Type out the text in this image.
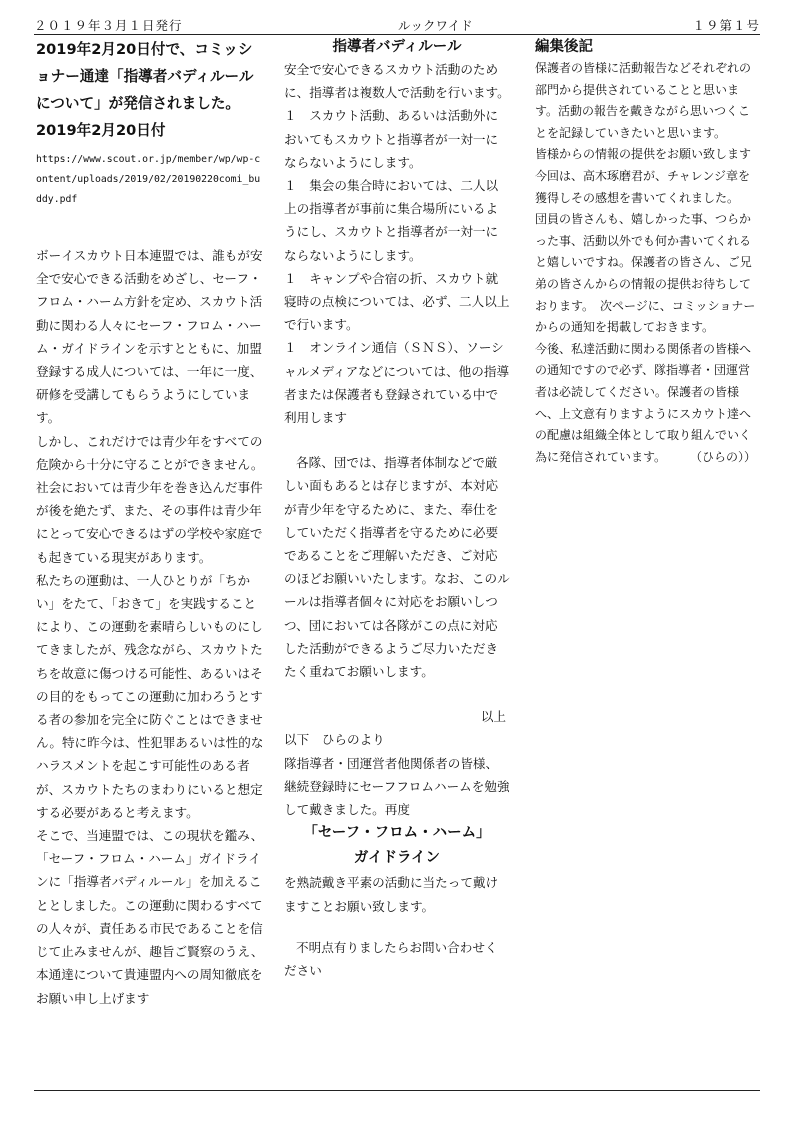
２０１９年３月１日発行	ルックワイド	１９第１号

2019年2月20日付で、コミッショナー通達「指導者バディルールについて」が発信されました。2019年2月20日付

https://www.scout.or.jp/member/wp/wp-content/uploads/2019/02/20190220comi_buddy.pdf

ボーイスカウト日本連盟では、誰もが安全で安心できる活動をめざし、セーフ・フロム・ハーム方針を定め、スカウト活動に関わる人々にセーフ・フロム・ハーム・ガイドラインを示すとともに、加盟登録する成人については、一年に一度、研修を受講してもらうようにしています。

しかし、これだけでは青少年をすべての危険から十分に守ることができません。社会においては青少年を巻き込んだ事件が後を絶たず、また、その事件は青少年にとって安心できるはずの学校や家庭でも起きている現実があります。

私たちの運動は、一人ひとりが「ちかい」をたて、「おきて」を実践することにより、この運動を素晴らしいものにしてきましたが、残念ながら、スカウトたちを故意に傷つける可能性、あるいはその目的をもってこの運動に加わろうとする者の参加を完全に防ぐことはできません。特に昨今は、性犯罪あるいは性的なハラスメントを起こす可能性のある者が、スカウトたちのまわりにいると想定する必要があると考えます。

そこで、当連盟では、この現状を鑑み、「セーフ・フロム・ハーム」ガイドラインに「指導者バディルール」を加えることとしました。この運動に関わるすべての人々が、責任ある市民であることを信じて止みませんが、趣旨ご賢察のうえ、本通達について貴連盟内への周知徹底をお願い申し上げます

指導者バディルール

安全で安心できるスカウト活動のために、指導者は複数人で活動を行います。

１　スカウト活動、あるいは活動外においてもスカウトと指導者が一対一にならないようにします。

１　集会の集合時においては、二人以上の指導者が事前に集合場所にいるようにし、スカウトと指導者が一対一にならないようにします。

１　キャンプや合宿の折、スカウト就寝時の点検については、必ず、二人以上で行います。

１　オンライン通信（ＳＮＳ）、ソーシャルメディアなどについては、他の指導者または保護者も登録されている中で利用します

各隊、団では、指導者体制などで厳しい面もあるとは存じますが、本対応が青少年を守るために、また、奉仕をしていただく指導者を守るために必要であることをご理解いただき、ご対応のほどお願いいたします。なお、このルールは指導者個々に対応をお願いしつつ、団においては各隊がこの点に対応した活動ができるようご尽力いただきたく重ねてお願いします。

以上

以下　ひらのより

隊指導者・団運営者他関係者の皆様、継続登録時にセーフフロムハームを勉強して戴きました。再度

「セーフ・フロム・ハーム」

ガイドライン

を熟読戴き平素の活動に当たって戴けますことお願い致します。

不明点有りましたらお問い合わせください

編集後記

保護者の皆様に活動報告などそれぞれの部門から提供されていることと思います。活動の報告を戴きながら思いつくことを記録していきたいと思います。

皆様からの情報の提供をお願い致します

今回は、高木琢磨君が、チャレンジ章を獲得しその感想を書いてくれました。

団員の皆さんも、嬉しかった事、つらかった事、活動以外でも何か書いてくれると嬉しいですね。保護者の皆さん、ご兄弟の皆さんからの情報の提供お待ちしております。　次ページに、コミッショナーからの通知を掲載しておきます。

今後、私達活動に関わる関係者の皆様への通知ですので必ず、隊指導者・団運営者は必読してください。保護者の皆様へ、上文意有りますようにスカウト達への配慮は組織全体として取り組んでいく為に発信されています。　　　（ひらの））
